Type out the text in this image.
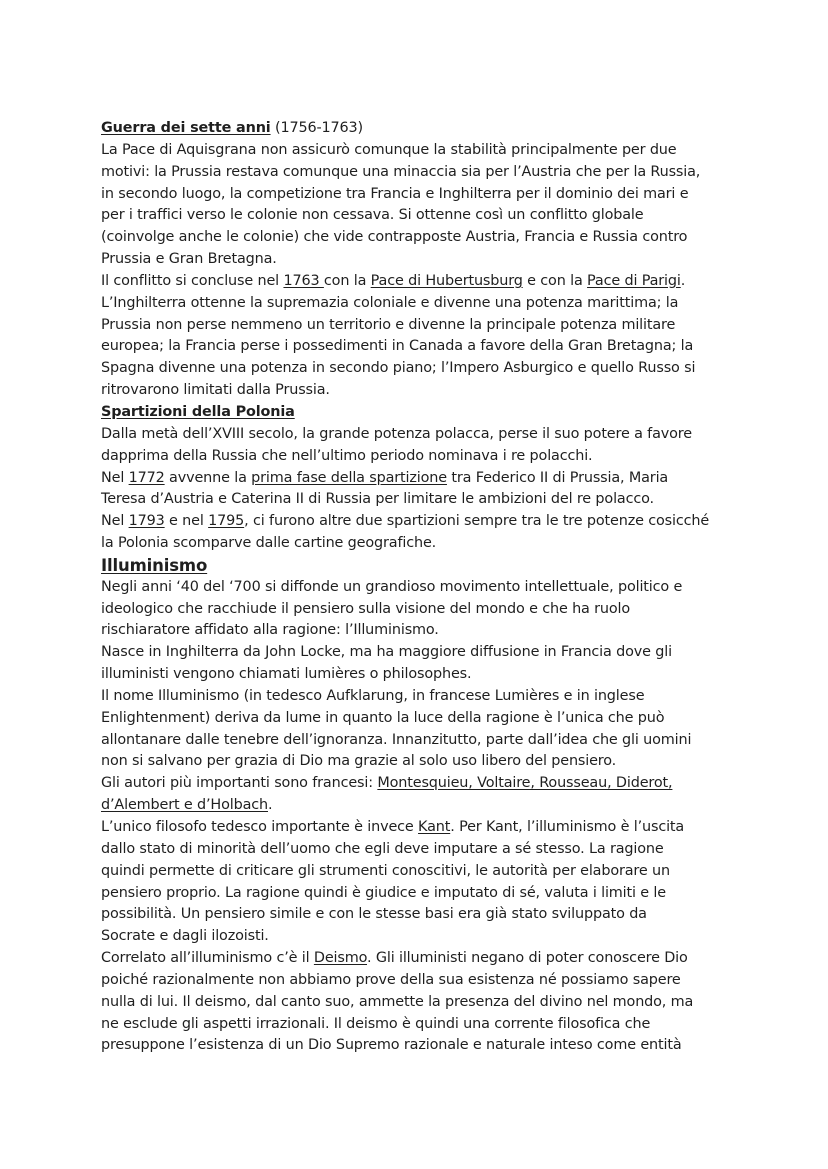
Guerra dei sette anni (1756-1763)
La Pace di Aquisgrana non assicurò comunque la stabilità principalmente per due
motivi: la Prussia restava comunque una minaccia sia per l’Austria che per la Russia,
in secondo luogo, la competizione tra Francia e Inghilterra per il dominio dei mari e
per i traffici verso le colonie non cessava. Si ottenne così un conflitto globale
(coinvolge anche le colonie) che vide contrapposte Austria, Francia e Russia contro
Prussia e Gran Bretagna.
Il conflitto si concluse nel 1763 con la Pace di Hubertusburg e con la Pace di Parigi.
L’Inghilterra ottenne la supremazia coloniale e divenne una potenza marittima; la
Prussia non perse nemmeno un territorio e divenne la principale potenza militare
europea; la Francia perse i possedimenti in Canada a favore della Gran Bretagna; la
Spagna divenne una potenza in secondo piano; l’Impero Asburgico e quello Russo si
ritrovarono limitati dalla Prussia.
Spartizioni della Polonia
Dalla metà dell’XVIII secolo, la grande potenza polacca, perse il suo potere a favore
dapprima della Russia che nell’ultimo periodo nominava i re polacchi.
Nel 1772 avvenne la prima fase della spartizione tra Federico II di Prussia, Maria
Teresa d’Austria e Caterina II di Russia per limitare le ambizioni del re polacco.
Nel 1793 e nel 1795, ci furono altre due spartizioni sempre tra le tre potenze cosicché
la Polonia scomparve dalle cartine geografiche.
Illuminismo
Negli anni ‘40 del ‘700 si diffonde un grandioso movimento intellettuale, politico e
ideologico che racchiude il pensiero sulla visione del mondo e che ha ruolo
rischiaratore affidato alla ragione: l’Illuminismo.
Nasce in Inghilterra da John Locke, ma ha maggiore diffusione in Francia dove gli
illuministi vengono chiamati lumières o philosophes.
Il nome Illuminismo (in tedesco Aufklarung, in francese Lumières e in inglese
Enlightenment) deriva da lume in quanto la luce della ragione è l’unica che può
allontanare dalle tenebre dell’ignoranza. Innanzitutto, parte dall’idea che gli uomini
non si salvano per grazia di Dio ma grazie al solo uso libero del pensiero.
Gli autori più importanti sono francesi: Montesquieu, Voltaire, Rousseau, Diderot,
d’Alembert e d’Holbach.
L’unico filosofo tedesco importante è invece Kant. Per Kant, l’illuminismo è l’uscita
dallo stato di minorità dell’uomo che egli deve imputare a sé stesso. La ragione
quindi permette di criticare gli strumenti conoscitivi, le autorità per elaborare un
pensiero proprio. La ragione quindi è giudice e imputato di sé, valuta i limiti e le
possibilità. Un pensiero simile e con le stesse basi era già stato sviluppato da
Socrate e dagli ilozoisti.
Correlato all’illuminismo c’è il Deismo. Gli illuministi negano di poter conoscere Dio
poiché razionalmente non abbiamo prove della sua esistenza né possiamo sapere
nulla di lui. Il deismo, dal canto suo, ammette la presenza del divino nel mondo, ma
ne esclude gli aspetti irrazionali. Il deismo è quindi una corrente filosofica che
presuppone l’esistenza di un Dio Supremo razionale e naturale inteso come entità
